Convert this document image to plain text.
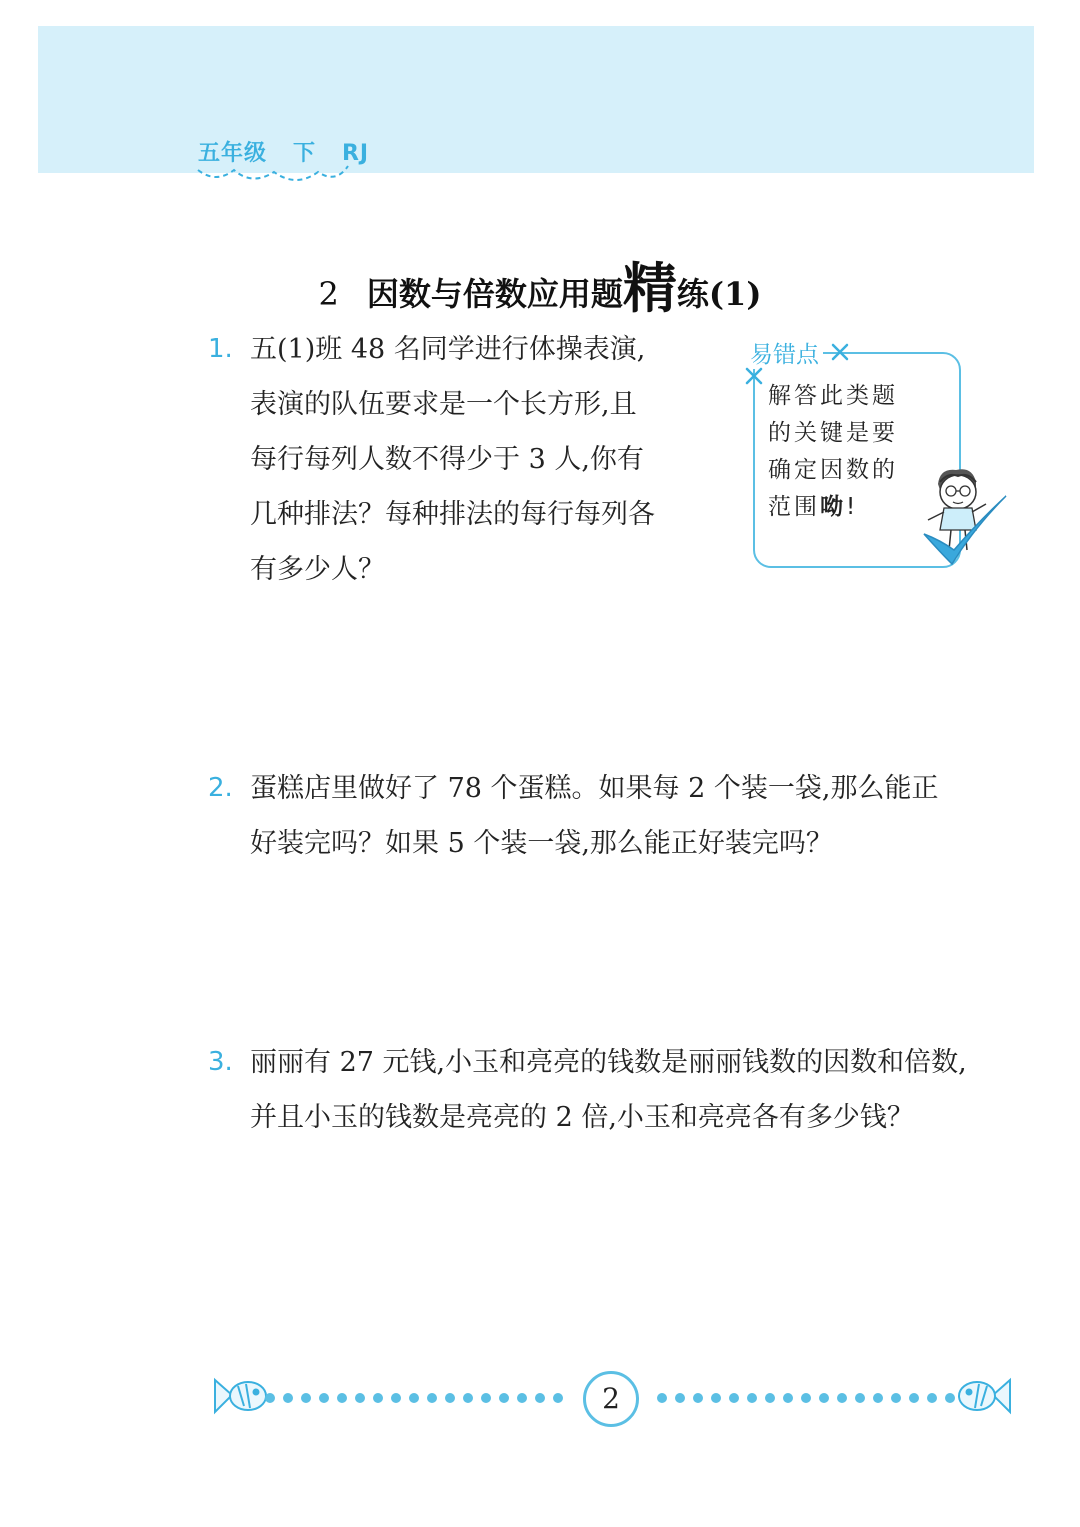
五年级   下   RJ
2 因数与倍数应用题精练(1)
1. 五(1)班 48 名同学进行体操表演,
表演的队伍要求是一个长方形,且
每行每列人数不得少于 3 人,你有
几种排法？每种排法的每行每列各
有多少人？
2. 蛋糕店里做好了 78 个蛋糕。如果每 2 个装一袋,那么能正
好装完吗？如果 5 个装一袋,那么能正好装完吗？
3. 丽丽有 27 元钱,小玉和亮亮的钱数是丽丽钱数的因数和倍数,
并且小玉的钱数是亮亮的 2 倍,小玉和亮亮各有多少钱？
易错点
解答此类题
的关键是要
确定因数的
范围呦!
2
